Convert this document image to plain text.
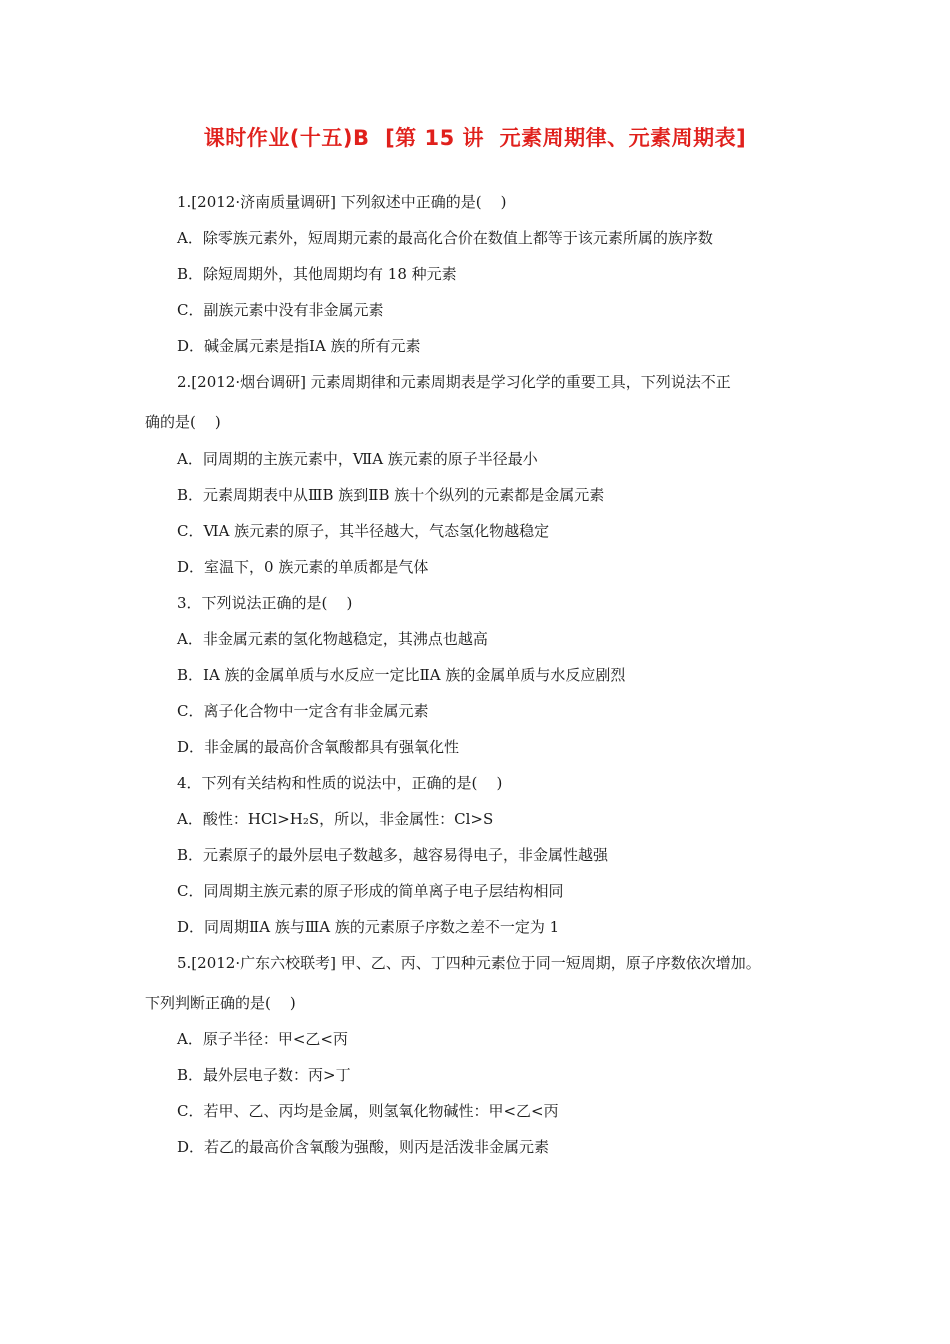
课时作业(十五)B  [第 15 讲  元素周期律、元素周期表]
1.[2012·济南质量调研] 下列叙述中正确的是(    )
A．除零族元素外，短周期元素的最高化合价在数值上都等于该元素所属的族序数
B．除短周期外，其他周期均有 18 种元素
C．副族元素中没有非金属元素
D．碱金属元素是指ⅠA 族的所有元素
2.[2012·烟台调研] 元素周期律和元素周期表是学习化学的重要工具，下列说法不正
确的是(    )
A．同周期的主族元素中，ⅦA 族元素的原子半径最小
B．元素周期表中从ⅢB 族到ⅡB 族十个纵列的元素都是金属元素
C．ⅥA 族元素的原子，其半径越大，气态氢化物越稳定
D．室温下，0 族元素的单质都是气体
3．下列说法正确的是(    )
A．非金属元素的氢化物越稳定，其沸点也越高
B．ⅠA 族的金属单质与水反应一定比ⅡA 族的金属单质与水反应剧烈
C．离子化合物中一定含有非金属元素
D．非金属的最高价含氧酸都具有强氧化性
4．下列有关结构和性质的说法中，正确的是(    )
A．酸性：HCl>H₂S，所以，非金属性：Cl>S
B．元素原子的最外层电子数越多，越容易得电子，非金属性越强
C．同周期主族元素的原子形成的简单离子电子层结构相同
D．同周期ⅡA 族与ⅢA 族的元素原子序数之差不一定为 1
5.[2012·广东六校联考] 甲、乙、丙、丁四种元素位于同一短周期，原子序数依次增加。
下列判断正确的是(    )
A．原子半径：甲<乙<丙
B．最外层电子数：丙>丁
C．若甲、乙、丙均是金属，则氢氧化物碱性：甲<乙<丙
D．若乙的最高价含氧酸为强酸，则丙是活泼非金属元素
